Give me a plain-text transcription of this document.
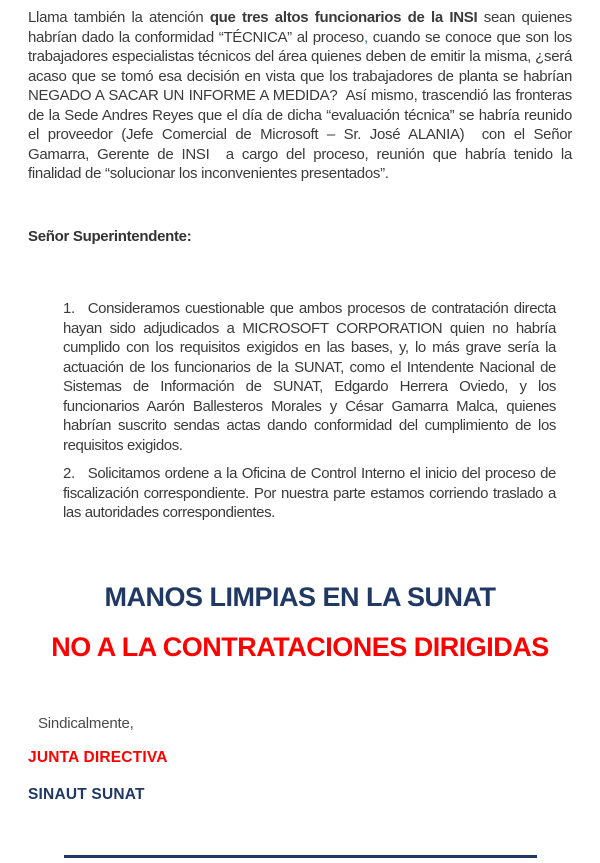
Llama también la atención que tres altos funcionarios de la INSI sean quienes habrían dado la conformidad “TÉCNICA” al proceso, cuando se conoce que son los trabajadores especialistas técnicos del área quienes deben de emitir la misma, ¿será acaso que se tomó esa decisión en vista que los trabajadores de planta se habrían NEGADO A SACAR UN INFORME A MEDIDA?  Así mismo, trascendió las fronteras de la Sede Andres Reyes que el día de dicha “evaluación técnica” se habría reunido el proveedor (Jefe Comercial de Microsoft – Sr. José ALANIA)  con el Señor Gamarra, Gerente de INSI  a cargo del proceso, reunión que habría tenido la finalidad de “solucionar los inconvenientes presentados”.

Señor Superintendente:

1. Consideramos cuestionable que ambos procesos de contratación directa hayan sido adjudicados a MICROSOFT CORPORATION quien no habría cumplido con los requisitos exigidos en las bases, y, lo más grave sería la actuación de los funcionarios de la SUNAT, como el Intendente Nacional de Sistemas de Información de SUNAT, Edgardo Herrera Oviedo, y los funcionarios Aarón Ballesteros Morales y César Gamarra Malca, quienes habrían suscrito sendas actas dando conformidad del cumplimiento de los requisitos exigidos.

2. Solicitamos ordene a la Oficina de Control Interno el inicio del proceso de fiscalización correspondiente. Por nuestra parte estamos corriendo traslado a las autoridades correspondientes.

MANOS LIMPIAS EN LA SUNAT
NO A LA CONTRATACIONES DIRIGIDAS

Sindicalmente,

JUNTA DIRECTIVA

SINAUT SUNAT
